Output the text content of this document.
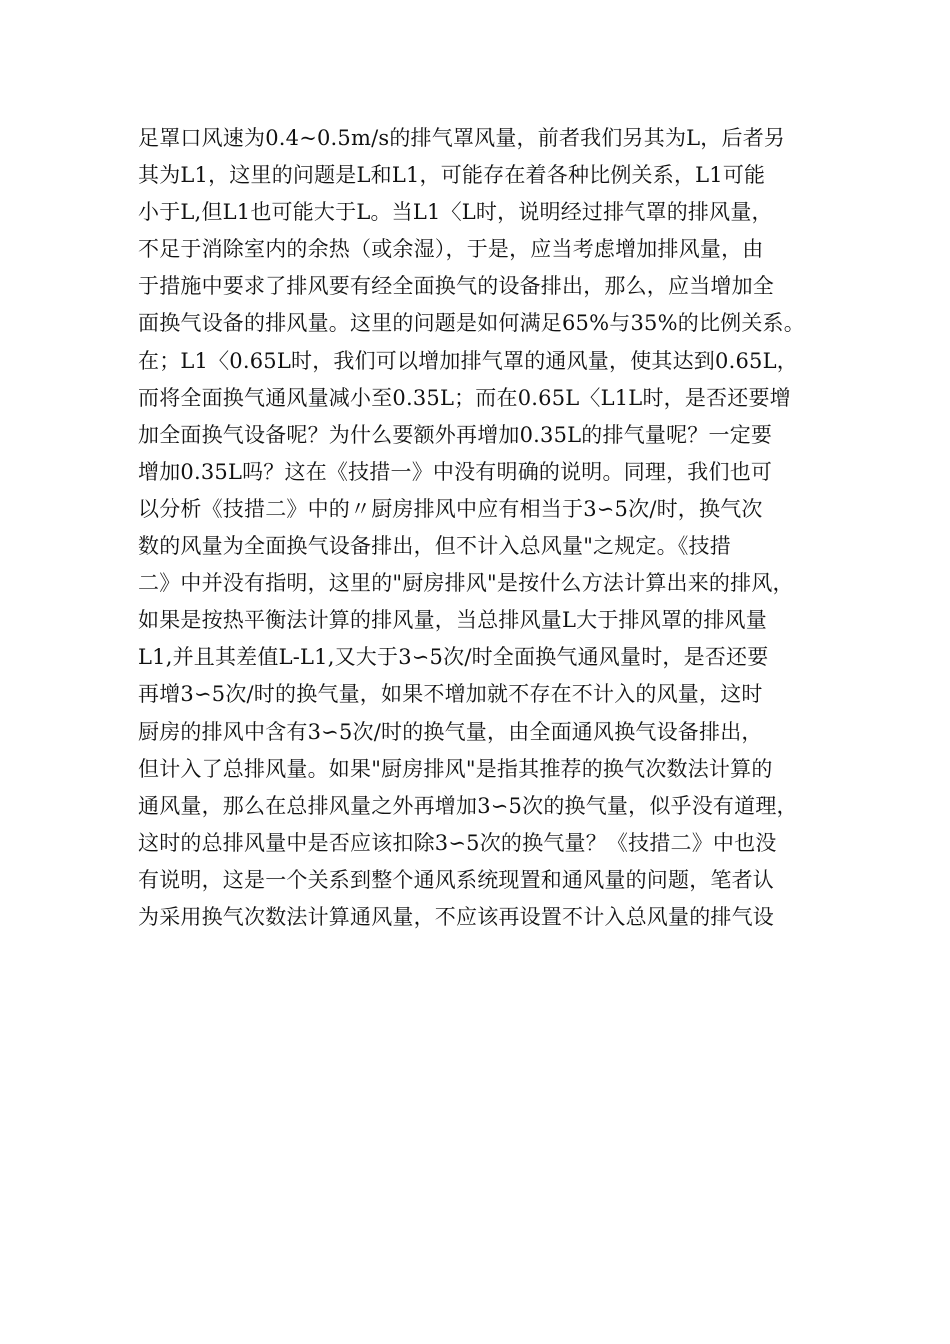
足罩口风速为0.4~0.5m/s的排气罩风量，前者我们另其为L，后者另
其为L1，这里的问题是L和L1，可能存在着各种比例关系，L1可能
小于L,但L1也可能大于L。当L1〈L时，说明经过排气罩的排风量，
不足于消除室内的余热（或余湿），于是，应当考虑增加排风量，由
于措施中要求了排风要有经全面换气的设备排出，那么，应当增加全
面换气设备的排风量。这里的问题是如何满足65%与35%的比例关系。
在；L1〈0.65L时，我们可以增加排气罩的通风量，使其达到0.65L，
而将全面换气通风量减小至0.35L；而在0.65L〈L1L时，是否还要增
加全面换气设备呢？为什么要额外再增加0.35L的排气量呢？一定要
增加0.35L吗？这在《技措一》中没有明确的说明。同理，我们也可
以分析《技措二》中的〃厨房排风中应有相当于3∽5次/时，换气次
数的风量为全面换气设备排出，但不计入总风量"之规定。《技措
二》中并没有指明，这里的"厨房排风"是按什么方法计算出来的排风，
如果是按热平衡法计算的排风量，当总排风量L大于排风罩的排风量
L1,并且其差值L-L1,又大于3∽5次/时全面换气通风量时，是否还要
再增3∽5次/时的换气量，如果不增加就不存在不计入的风量，这时
厨房的排风中含有3∽5次/时的换气量，由全面通风换气设备排出，
但计入了总排风量。如果"厨房排风"是指其推荐的换气次数法计算的
通风量，那么在总排风量之外再增加3∽5次的换气量，似乎没有道理，
这时的总排风量中是否应该扣除3∽5次的换气量？《技措二》中也没
有说明，这是一个关系到整个通风系统现置和通风量的问题，笔者认
为采用换气次数法计算通风量，不应该再设置不计入总风量的排气设
